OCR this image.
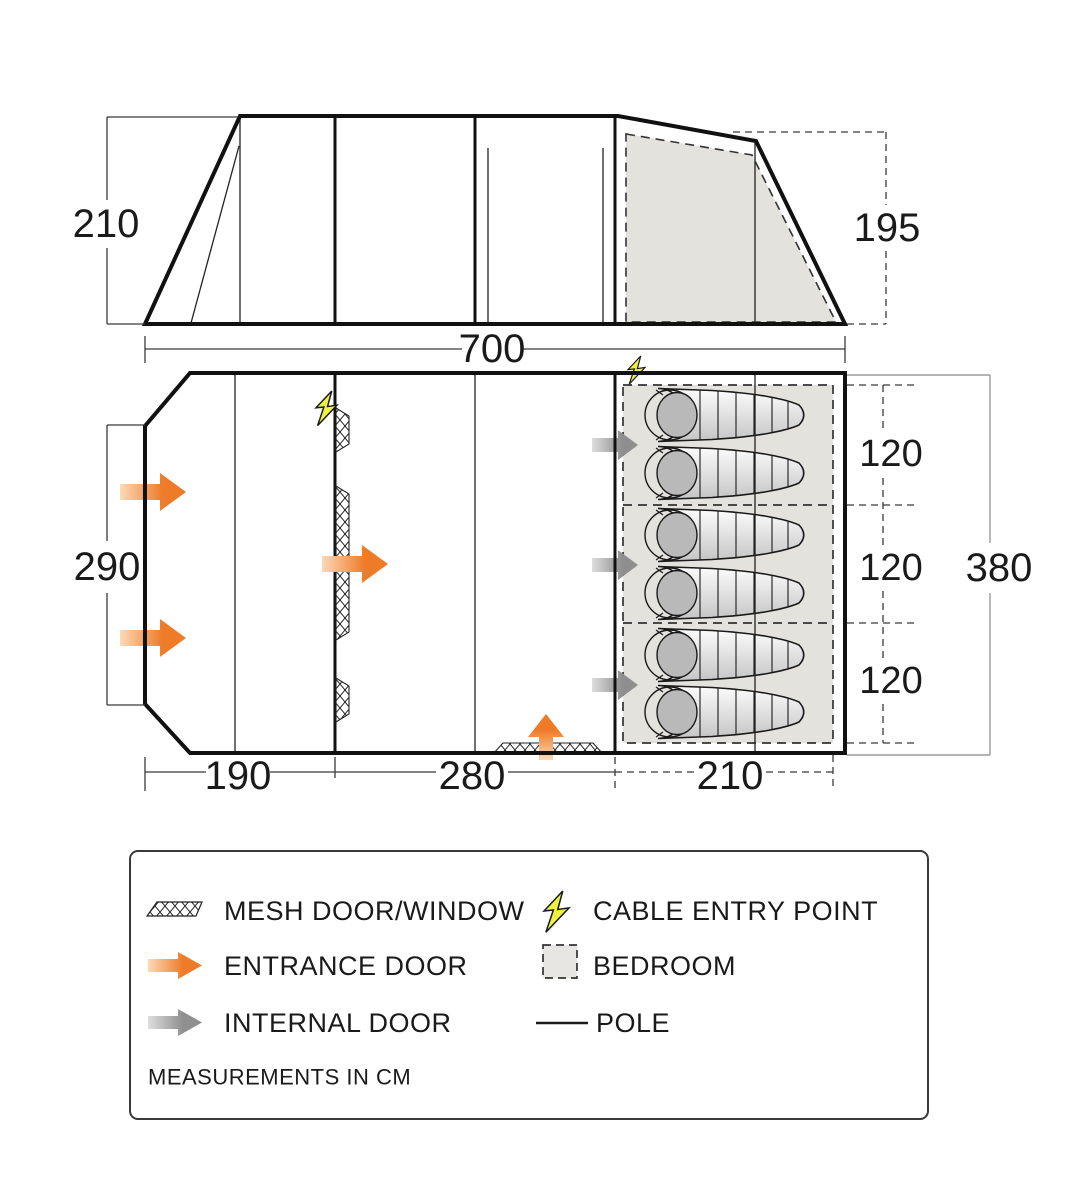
210	195
700
290
120
120
120
380
190	280	210
MESH DOOR/WINDOW	CABLE ENTRY POINT
ENTRANCE DOOR	BEDROOM
INTERNAL DOOR	POLE
MEASUREMENTS IN CM
